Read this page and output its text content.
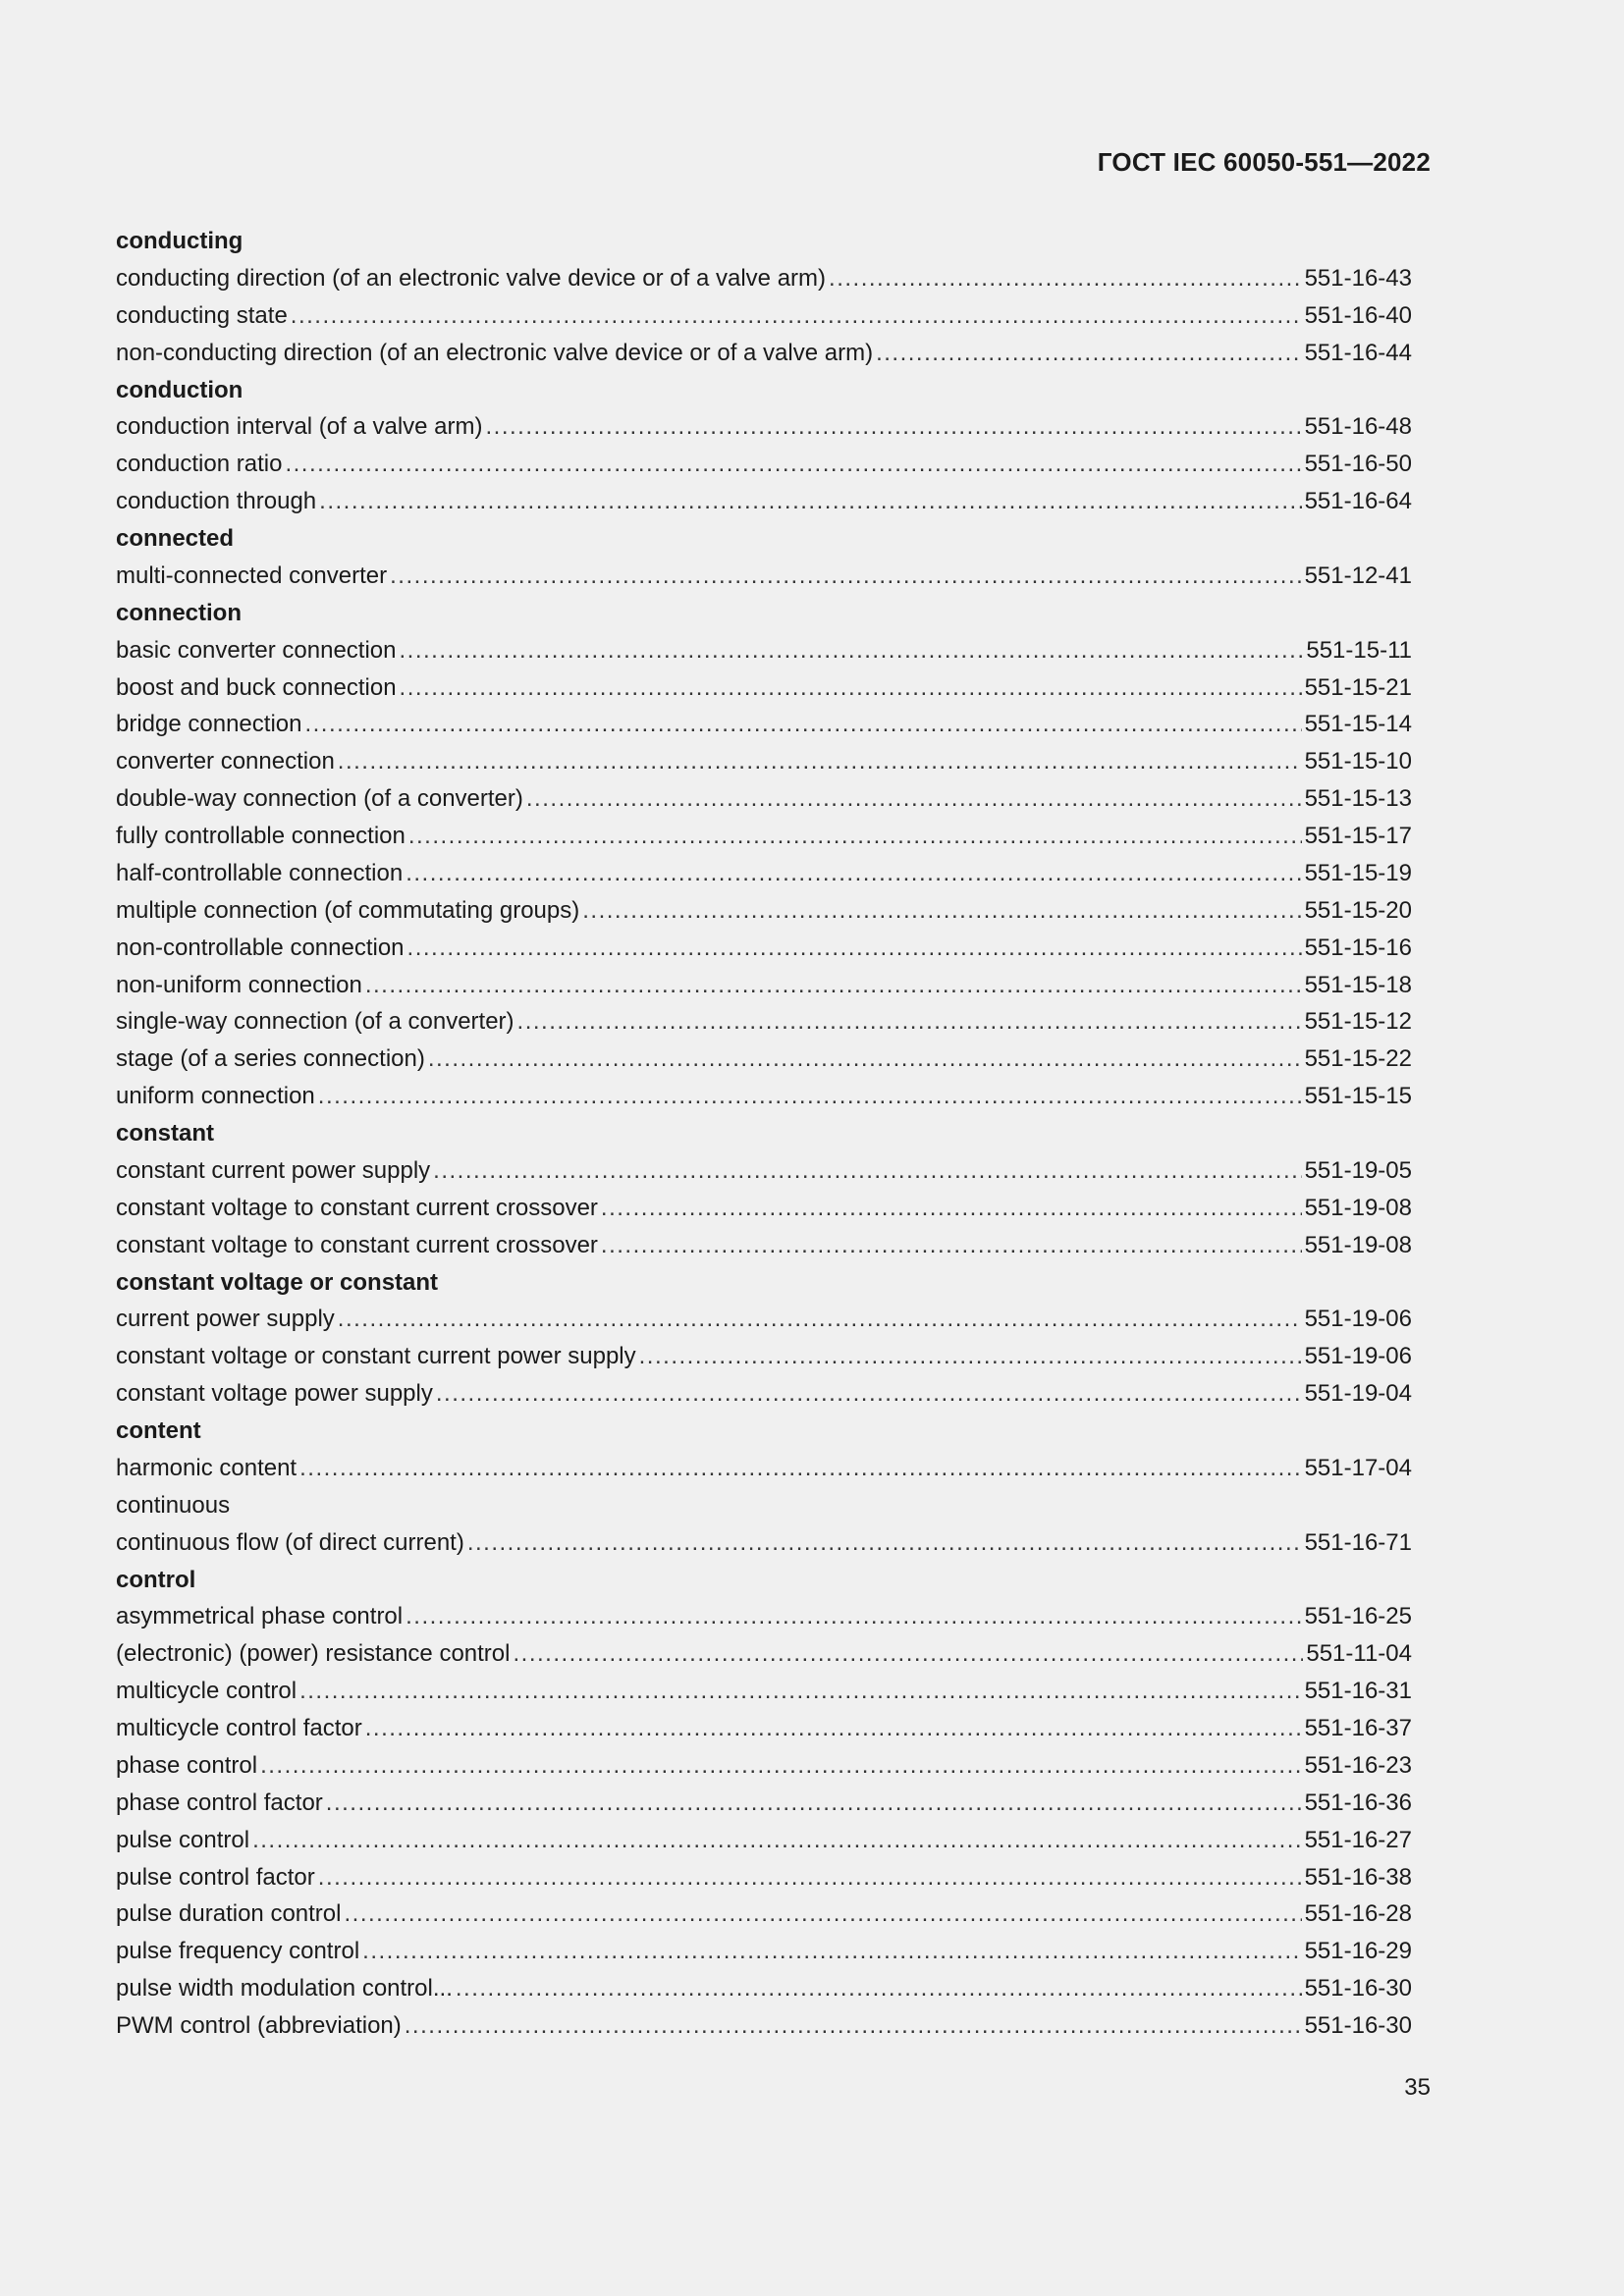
ГОСТ IEC 60050-551—2022
conducting
conducting direction (of an electronic valve device or of a valve arm) .....	551-16-43
conducting state .....	551-16-40
non-conducting direction (of an electronic valve device or of a valve arm) .....	551-16-44
conduction
conduction interval (of a valve arm) .....	551-16-48
conduction ratio .....	551-16-50
conduction through .....	551-16-64
connected
multi-connected converter .....	551-12-41
connection
basic converter connection .....	551-15-11
boost and buck connection .....	551-15-21
bridge connection .....	551-15-14
converter connection .....	551-15-10
double-way connection (of a converter) .....	551-15-13
fully controllable connection .....	551-15-17
half-controllable connection .....	551-15-19
multiple connection (of commutating groups) .....	551-15-20
non-controllable connection .....	551-15-16
non-uniform connection .....	551-15-18
single-way connection (of a converter) .....	551-15-12
stage (of a series connection) .....	551-15-22
uniform connection .....	551-15-15
constant
constant current power supply .....	551-19-05
constant voltage to constant current crossover .....	551-19-08
constant voltage to constant current crossover .....	551-19-08
constant voltage or constant
current power supply .....	551-19-06
constant voltage or constant current power supply .....	551-19-06
constant voltage power supply .....	551-19-04
content
harmonic content .....	551-17-04
continuous
continuous flow (of direct current) .....	551-16-71
control
asymmetrical phase control .....	551-16-25
(electronic) (power) resistance control .....	551-11-04
multicycle control .....	551-16-31
multicycle control factor .....	551-16-37
phase control .....	551-16-23
phase control factor .....	551-16-36
pulse control .....	551-16-27
pulse control factor .....	551-16-38
pulse duration control .....	551-16-28
pulse frequency control .....	551-16-29
pulse width modulation control... .....	551-16-30
PWM control (abbreviation) .....	551-16-30
35
